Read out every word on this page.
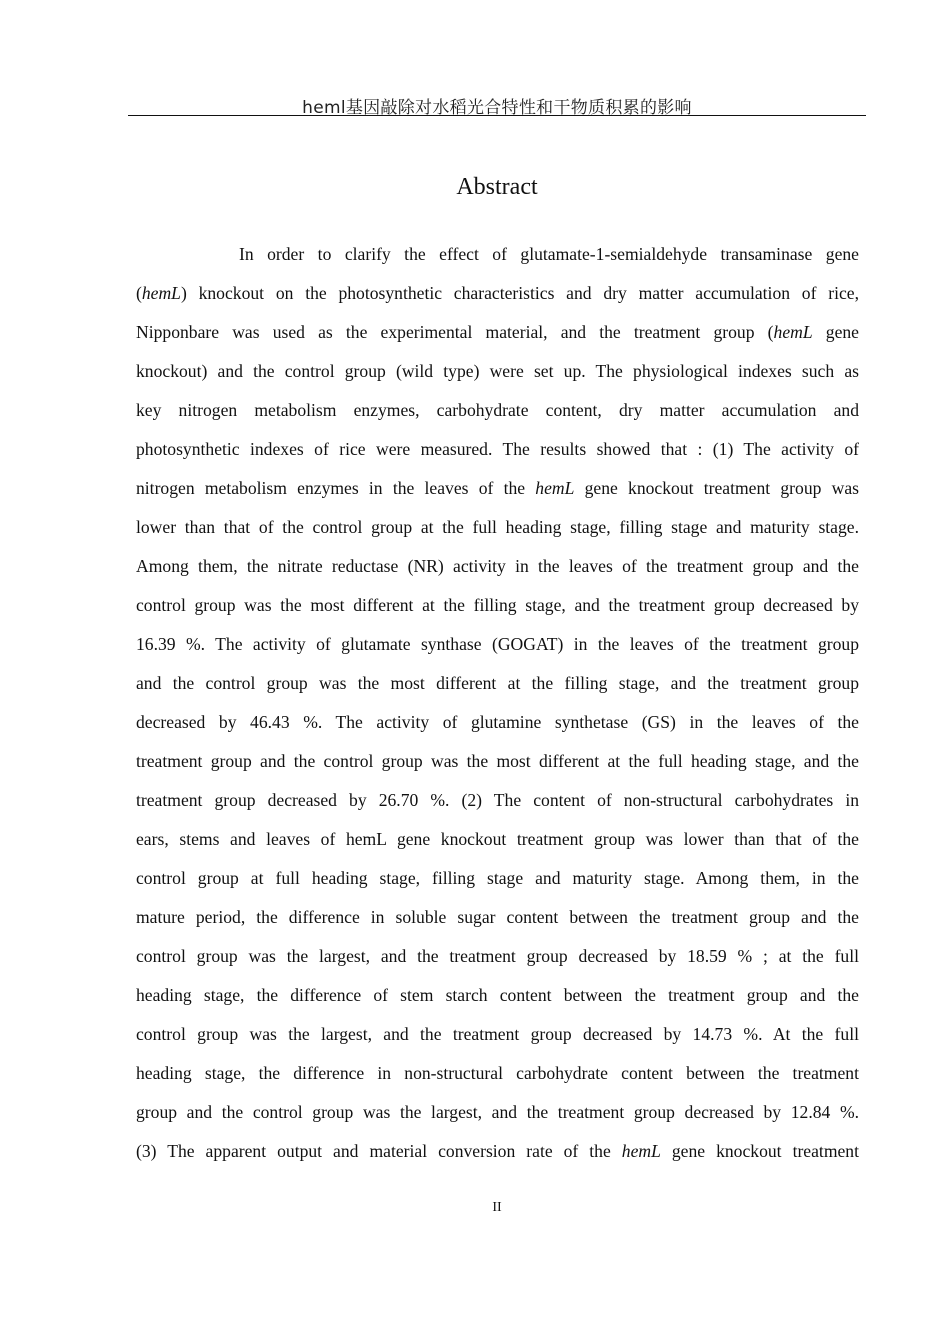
heml基因敲除对水稻光合特性和干物质积累的影响
Abstract
In order to clarify the effect of glutamate-1-semialdehyde transaminase gene
(hemL) knockout on the photosynthetic characteristics and dry matter accumulation of rice,
Nipponbare was used as the experimental material, and the treatment group (hemL gene
knockout) and the control group (wild type) were set up. The physiological indexes such as
key nitrogen metabolism enzymes, carbohydrate content, dry matter accumulation and
photosynthetic indexes of rice were measured. The results showed that : (1) The activity of
nitrogen metabolism enzymes in the leaves of the hemL gene knockout treatment group was
lower than that of the control group at the full heading stage, filling stage and maturity stage.
Among them, the nitrate reductase (NR) activity in the leaves of the treatment group and the
control group was the most different at the filling stage, and the treatment group decreased by
16.39 %. The activity of glutamate synthase (GOGAT) in the leaves of the treatment group
and the control group was the most different at the filling stage, and the treatment group
decreased by 46.43 %. The activity of glutamine synthetase (GS) in the leaves of the
treatment group and the control group was the most different at the full heading stage, and the
treatment group decreased by 26.70 %. (2) The content of non-structural carbohydrates in
ears, stems and leaves of hemL gene knockout treatment group was lower than that of the
control group at full heading stage, filling stage and maturity stage. Among them, in the
mature period, the difference in soluble sugar content between the treatment group and the
control group was the largest, and the treatment group decreased by 18.59 % ; at the full
heading stage, the difference of stem starch content between the treatment group and the
control group was the largest, and the treatment group decreased by 14.73 %. At the full
heading stage, the difference in non-structural carbohydrate content between the treatment
group and the control group was the largest, and the treatment group decreased by 12.84 %.
(3) The apparent output and material conversion rate of the hemL gene knockout treatment
II
